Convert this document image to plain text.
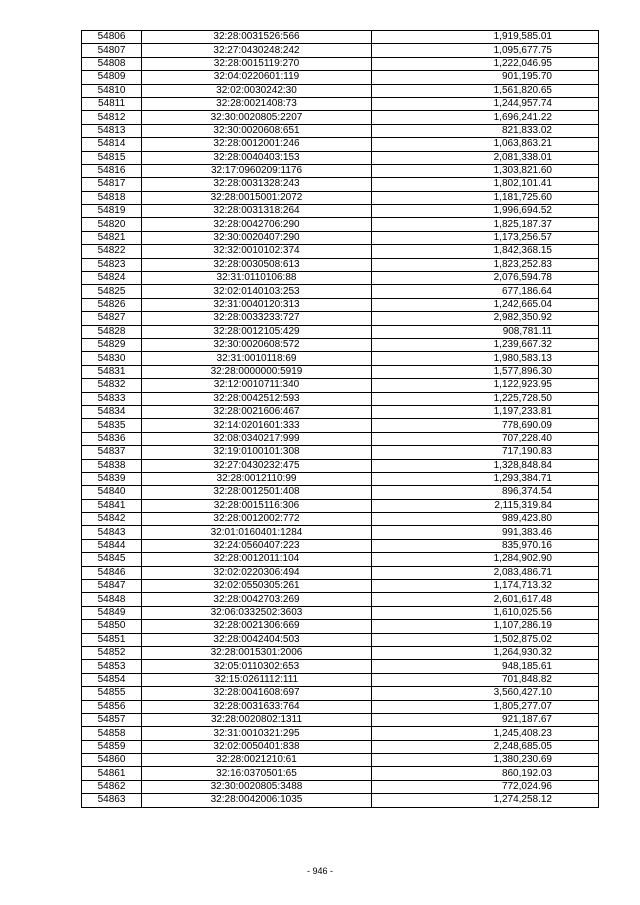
54806	32:28:0031526:566	1,919,585.01
54807	32:27:0430248:242	1,095,677.75
54808	32:28:0015119:270	1,222,046.95
54809	32:04:0220601:119	901,195.70
54810	32:02:0030242:30	1,561,820.65
54811	32:28:0021408:73	1,244,957.74
54812	32:30:0020805:2207	1,696,241.22
54813	32:30:0020608:651	821,833.02
54814	32:28:0012001:246	1,063,863.21
54815	32:28:0040403:153	2,081,338.01
54816	32:17:0960209:1176	1,303,821.60
54817	32:28:0031328:243	1,802,101.41
54818	32:28:0015001:2072	1,181,725.60
54819	32:28:0031318:264	1,996,694.52
54820	32:28:0042706:290	1,825,187.37
54821	32:30:0020407:290	1,173,256.57
54822	32:32:0010102:374	1,842,368.15
54823	32:28:0030508:613	1,823,252.83
54824	32:31:0110106:88	2,076,594.78
54825	32:02:0140103:253	677,186.64
54826	32:31:0040120:313	1,242,665.04
54827	32:28:0033233:727	2,982,350.92
54828	32:28:0012105:429	908,781.11
54829	32:30:0020608:572	1,239,667.32
54830	32:31:0010118:69	1,980,583.13
54831	32:28:0000000:5919	1,577,896.30
54832	32:12:0010711:340	1,122,923.95
54833	32:28:0042512:593	1,225,728.50
54834	32:28:0021606:467	1,197,233.81
54835	32:14:0201601:333	778,690.09
54836	32:08:0340217:999	707,228.40
54837	32:19:0100101:308	717,190.83
54838	32:27:0430232:475	1,328,848.84
54839	32:28:0012110:99	1,293,384.71
54840	32:28:0012501:408	896,374.54
54841	32:28:0015116:306	2,115,319.84
54842	32:28:0012002:772	989,423.80
54843	32:01:0160401:1284	991,383.46
54844	32:24:0560407:223	835,970.16
54845	32:28:0012011:104	1,284,902.90
54846	32:02:0220306:494	2,083,486.71
54847	32:02:0550305:261	1,174,713.32
54848	32:28:0042703:269	2,601,617.48
54849	32:06:0332502:3603	1,610,025.56
54850	32:28:0021306:669	1,107,286.19
54851	32:28:0042404:503	1,502,875.02
54852	32:28:0015301:2006	1,264,930.32
54853	32:05:0110302:653	948,185.61
54854	32:15:0261112:111	701,848.82
54855	32:28:0041608:697	3,560,427.10
54856	32:28:0031633:764	1,805,277.07
54857	32:28:0020802:1311	921,187.67
54858	32:31:0010321:295	1,245,408.23
54859	32:02:0050401:838	2,248,685.05
54860	32:28:0021210:61	1,380,230.69
54861	32:16:0370501:65	860,192.03
54862	32:30:0020805:3488	772,024.96
54863	32:28:0042006:1035	1,274,258.12
- 946 -
